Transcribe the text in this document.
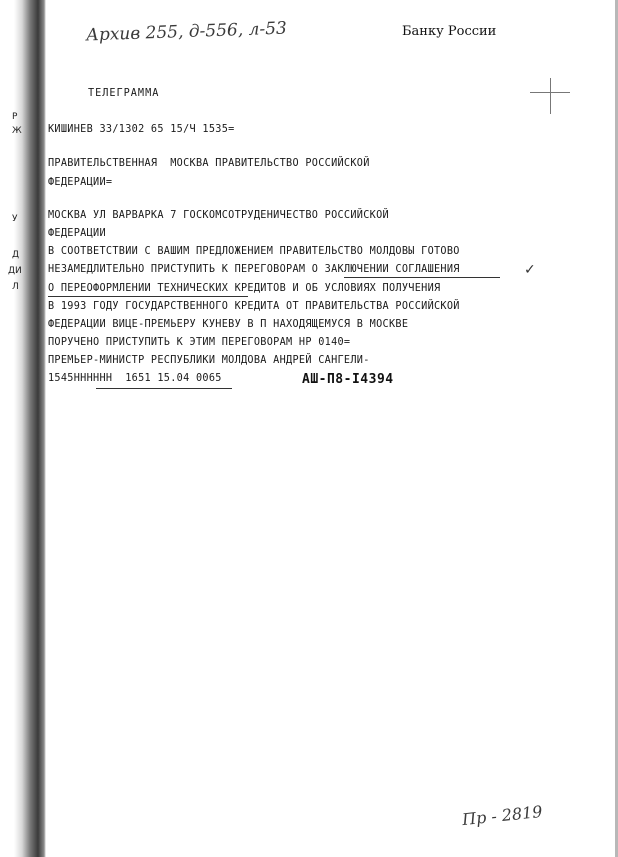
Архив 255, д-556, л-53	Банку России
ТЕЛЕГРАММА
КИШИНЕВ 33/1302 65 15/Ч 1535=
ПРАВИТЕЛЬСТВЕННАЯ  МОСКВА ПРАВИТЕЛЬСТВО РОССИЙСКОЙ
ФЕДЕРАЦИИ=
МОСКВА УЛ ВАРВАРКА 7 ГОСКОМСОТРУДЕНИЧЕСТВО РОССИЙСКОЙ
ФЕДЕРАЦИИ
В СООТВЕТСТВИИ С ВАШИМ ПРЕДЛОЖЕНИЕМ ПРАВИТЕЛЬСТВО МОЛДОВЫ ГОТОВО
НЕЗАМЕДЛИТЕЛЬНО ПРИСТУПИТЬ К ПЕРЕГОВОРАМ О ЗАКЛЮЧЕНИИ СОГЛАШЕНИЯ
О ПЕРЕОФОРМЛЕНИИ ТЕХНИЧЕСКИХ КРЕДИТОВ И ОБ УСЛОВИЯХ ПОЛУЧЕНИЯ
В 1993 ГОДУ ГОСУДАРСТВЕННОГО КРЕДИТА ОТ ПРАВИТЕЛЬСТВА РОССИЙСКОЙ
ФЕДЕРАЦИИ ВИЦЕ-ПРЕМЬЕРУ КУНЕВУ В П НАХОДЯЩЕМУСЯ В МОСКВЕ
ПОРУЧЕНО ПРИСТУПИТЬ К ЭТИМ ПЕРЕГОВОРАМ НР 0140=
ПРЕМЬЕР-МИНИСТР РЕСПУБЛИКИ МОЛДОВА АНДРЕЙ САНГЕЛИ-
1545НННННН  1651 15.04 0065	АШ-П8-I4394
✓
Р
Ж
У
Д
ДИ
Л
Пр - 2819
